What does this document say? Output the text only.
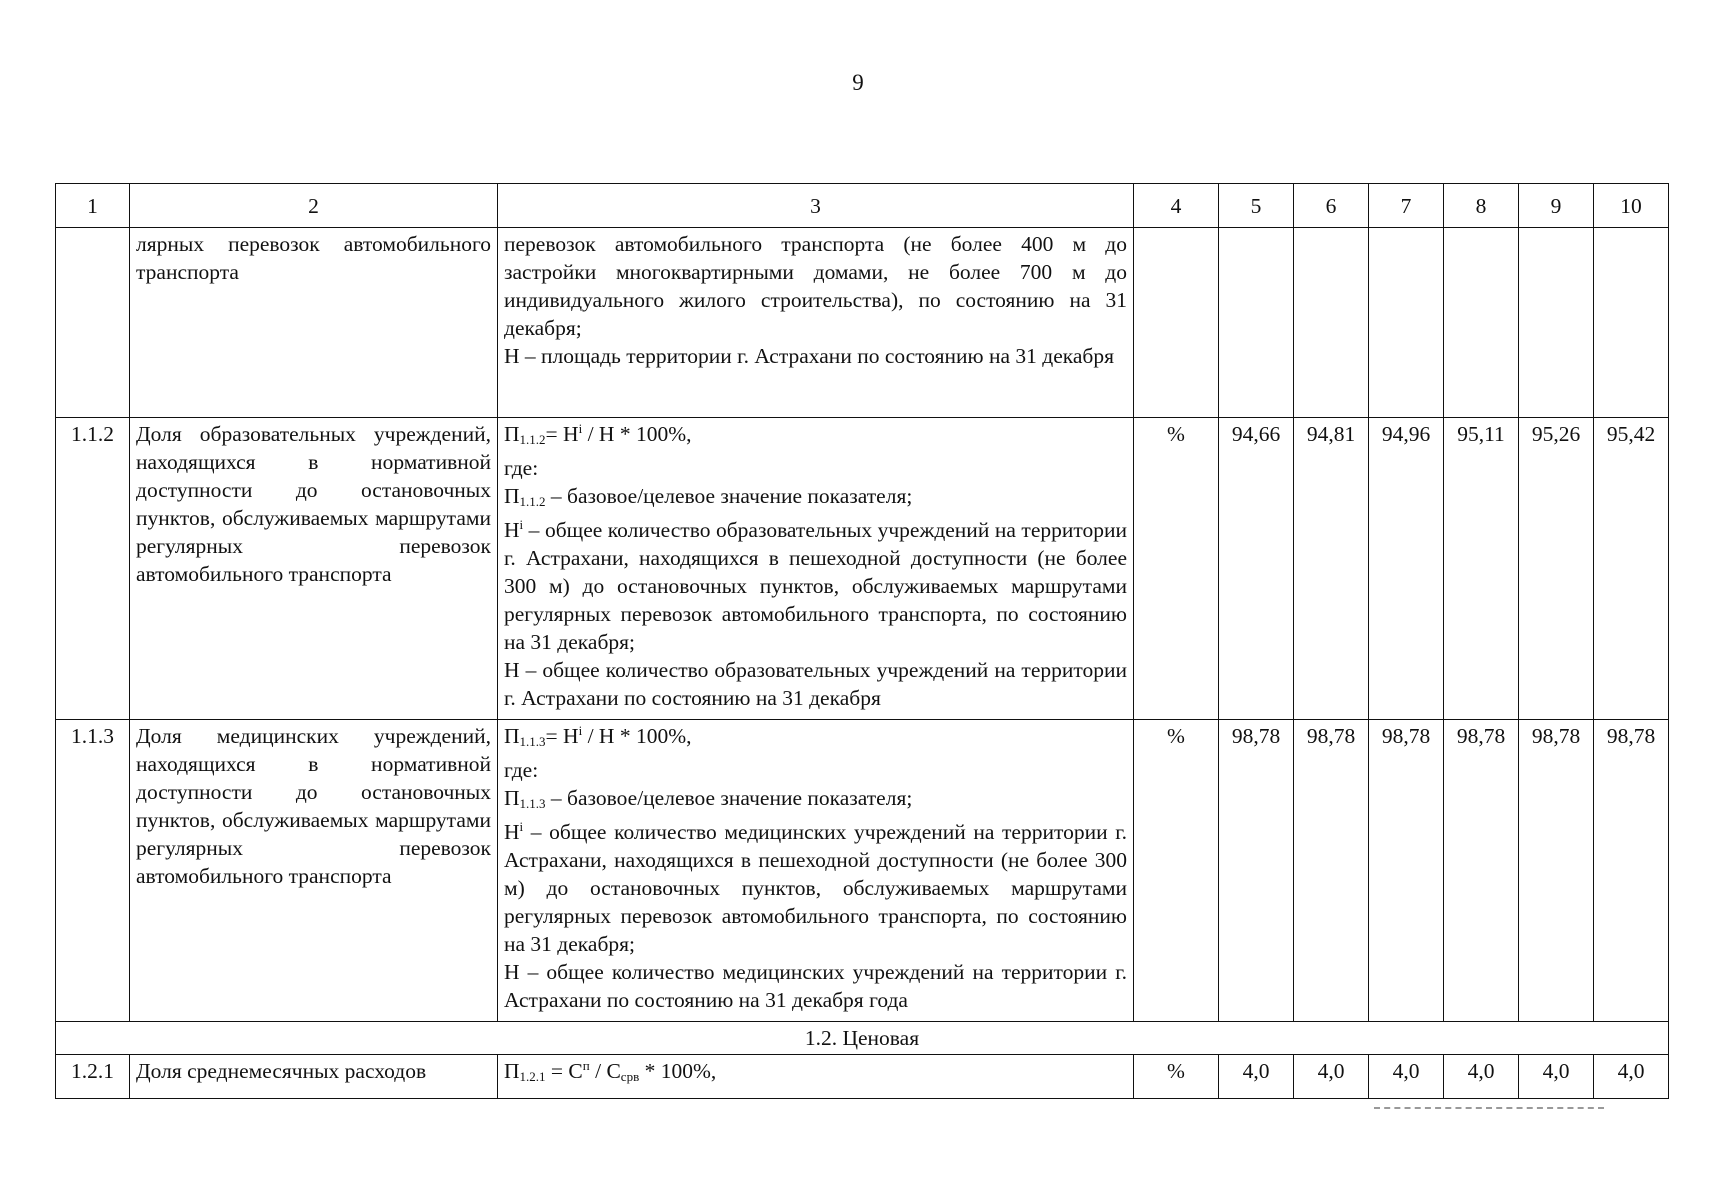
9
1	2	3	4	5	6	7	8	9	10
	лярных перевозок автомобильного транспорта	перевозок автомобильного транспорта (не более 400 м до застройки многоквартирными домами, не более 700 м до индивидуального жилого строительства), по состоянию на 31 декабря;
Н – площадь территории г. Астрахани по состоянию на 31 декабря							

1.1.2	Доля образовательных учреждений, находящихся в нормативной доступности до остановочных пунктов, обслуживаемых маршрутами регулярных перевозок автомобильного транспорта	$П_{1.1.2}= Н^i / Н * 100\%$,
где:
$П_{1.1.2}$ – базовое/целевое значение показателя;
$Н^i$ – общее количество образовательных учреждений на территории г. Астрахани, находящихся в пешеходной доступности (не более 300 м) до остановочных пунктов, обслуживаемых маршрутами регулярных перевозок автомобильного транспорта, по состоянию на 31 декабря;
Н – общее количество образовательных учреждений на территории г. Астрахани по состоянию на 31 декабря	%	94,66	94,81	94,96	95,11	95,26	95,42
1.1.3	Доля медицинских учреждений, находящихся в нормативной доступности до остановочных пунктов, обслуживаемых маршрутами регулярных перевозок автомобильного транспорта	$П_{1.1.3}= Н^i / Н * 100\%$,
где:
$П_{1.1.3}$ – базовое/целевое значение показателя;
$Н^i$ – общее количество медицинских учреждений на территории г. Астрахани, находящихся в пешеходной доступности (не более 300 м) до остановочных пунктов, обслуживаемых маршрутами регулярных перевозок автомобильного транспорта, по состоянию на 31 декабря;
Н – общее количество медицинских учреждений на территории г. Астрахани по состоянию на 31 декабря года	%	98,78	98,78	98,78	98,78	98,78	98,78
1.2. Ценовая									
1.2.1	Доля среднемесячных расходов	$П_{1.2.1} = С^п / С_{срв} * 100\%$,	%	4,0	4,0	4,0	4,0	4,0	4,0
